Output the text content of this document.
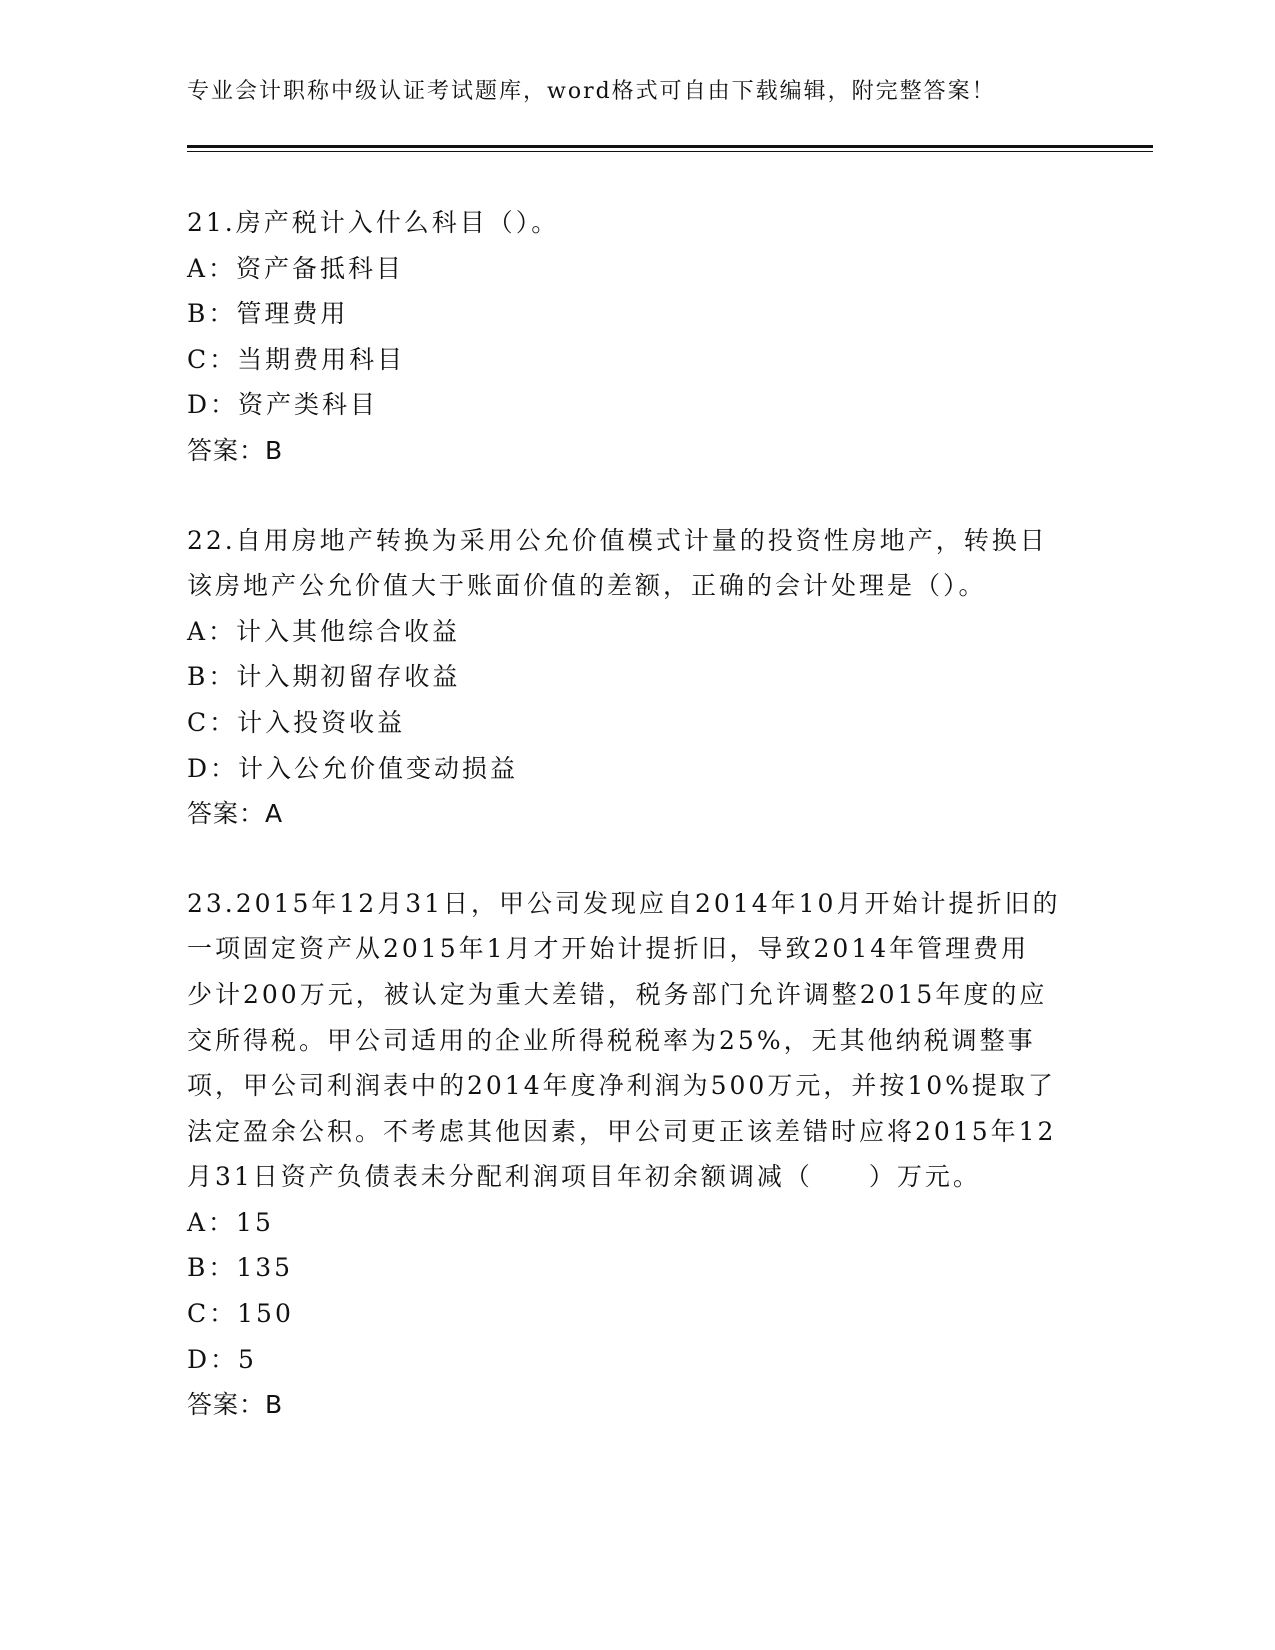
专业会计职称中级认证考试题库，word格式可自由下载编辑，附完整答案！
21.房产税计入什么科目（）。
A：资产备抵科目
B：管理费用
C：当期费用科目
D：资产类科目
答案：B
22.自用房地产转换为采用公允价值模式计量的投资性房地产，转换日
该房地产公允价值大于账面价值的差额，正确的会计处理是（）。
A：计入其他综合收益
B：计入期初留存收益
C：计入投资收益
D：计入公允价值变动损益
答案：A
23.2015年12月31日，甲公司发现应自2014年10月开始计提折旧的
一项固定资产从2015年1月才开始计提折旧，导致2014年管理费用
少计200万元，被认定为重大差错，税务部门允许调整2015年度的应
交所得税。甲公司适用的企业所得税税率为25%，无其他纳税调整事
项，甲公司利润表中的2014年度净利润为500万元，并按10%提取了
法定盈余公积。不考虑其他因素，甲公司更正该差错时应将2015年12
月31日资产负债表未分配利润项目年初余额调减（　　）万元。
A：15
B：135
C：150
D：5
答案：B
